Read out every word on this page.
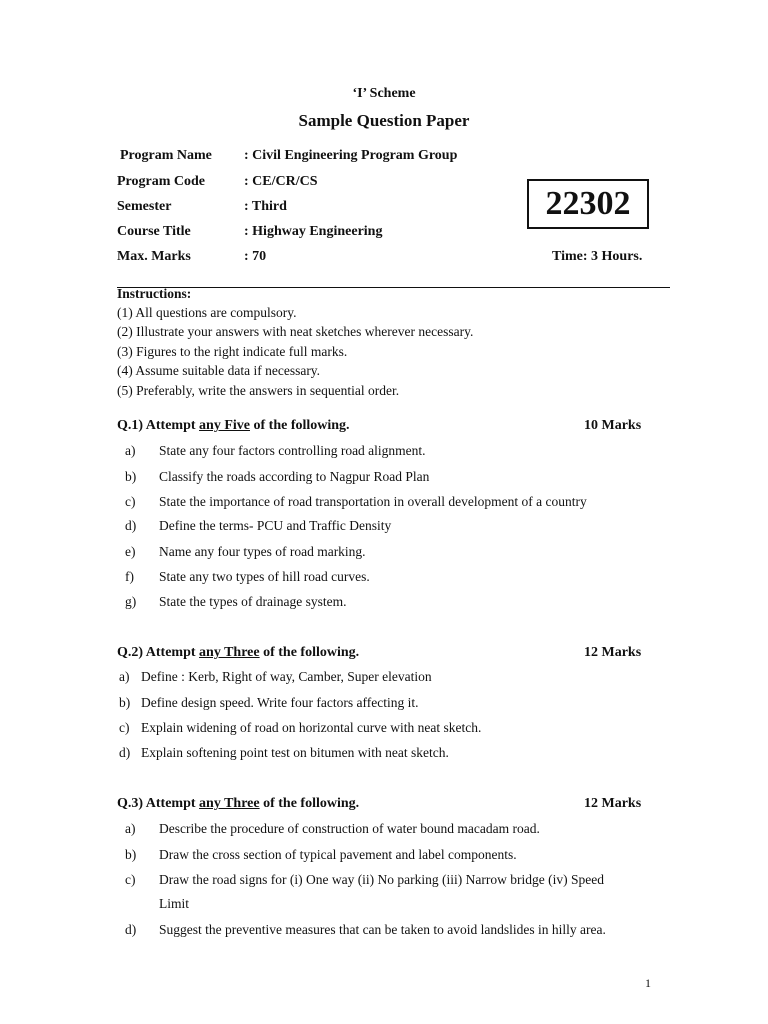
‘I’ Scheme
Sample Question Paper
Program Name : Civil Engineering Program Group
Program Code	: CE/CR/CS
Semester	: Third
Course Title	: Highway Engineering
Max. Marks	: 70
22302
Time: 3 Hours.
Instructions:
(1) All questions are compulsory.
(2) Illustrate your answers with neat sketches wherever necessary.
(3) Figures to the right indicate full marks.
(4) Assume suitable data if necessary.
(5) Preferably, write the answers in sequential order.
Q.1) Attempt any Five of the following.	10 Marks
a) State any four factors controlling road alignment.
b) Classify the roads according to Nagpur Road Plan
c) State the importance of road transportation in overall development of a country
d) Define the terms- PCU and Traffic Density
e) Name any four types of road marking.
f) State any two types of hill road curves.
g) State the types of drainage system.
Q.2) Attempt any Three of the following.	12 Marks
a) Define : Kerb, Right of way, Camber, Super elevation
b) Define design speed. Write four factors affecting it.
c) Explain widening of road on horizontal curve with neat sketch.
d) Explain softening point test on bitumen with neat sketch.
Q.3) Attempt any Three of the following.	12 Marks
a) Describe the procedure of construction of water bound macadam road.
b) Draw the cross section of typical pavement and label components.
c) Draw the road signs for (i) One way (ii) No parking (iii) Narrow bridge (iv) Speed
Limit
d) Suggest the preventive measures that can be taken to avoid landslides in hilly area.
1
